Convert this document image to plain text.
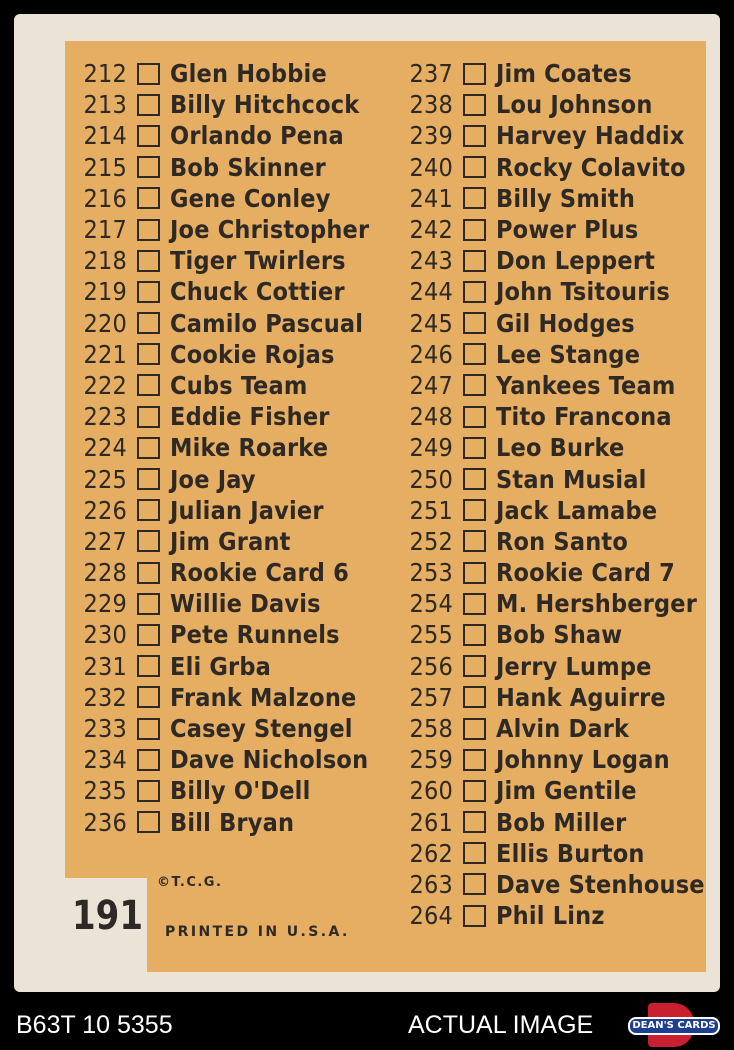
212 Glen Hobbie
213 Billy Hitchcock
214 Orlando Pena
215 Bob Skinner
216 Gene Conley
217 Joe Christopher
218 Tiger Twirlers
219 Chuck Cottier
220 Camilo Pascual
221 Cookie Rojas
222 Cubs Team
223 Eddie Fisher
224 Mike Roarke
225 Joe Jay
226 Julian Javier
227 Jim Grant
228 Rookie Card 6
229 Willie Davis
230 Pete Runnels
231 Eli Grba
232 Frank Malzone
233 Casey Stengel
234 Dave Nicholson
235 Billy O'Dell
236 Bill Bryan
237 Jim Coates
238 Lou Johnson
239 Harvey Haddix
240 Rocky Colavito
241 Billy Smith
242 Power Plus
243 Don Leppert
244 John Tsitouris
245 Gil Hodges
246 Lee Stange
247 Yankees Team
248 Tito Francona
249 Leo Burke
250 Stan Musial
251 Jack Lamabe
252 Ron Santo
253 Rookie Card 7
254 M. Hershberger
255 Bob Shaw
256 Jerry Lumpe
257 Hank Aguirre
258 Alvin Dark
259 Johnny Logan
260 Jim Gentile
261 Bob Miller
262 Ellis Burton
263 Dave Stenhouse
264 Phil Linz
©T.C.G.
PRINTED IN U.S.A.
191
B63T 10 5355	ACTUAL IMAGE	DEAN'S CARDS
